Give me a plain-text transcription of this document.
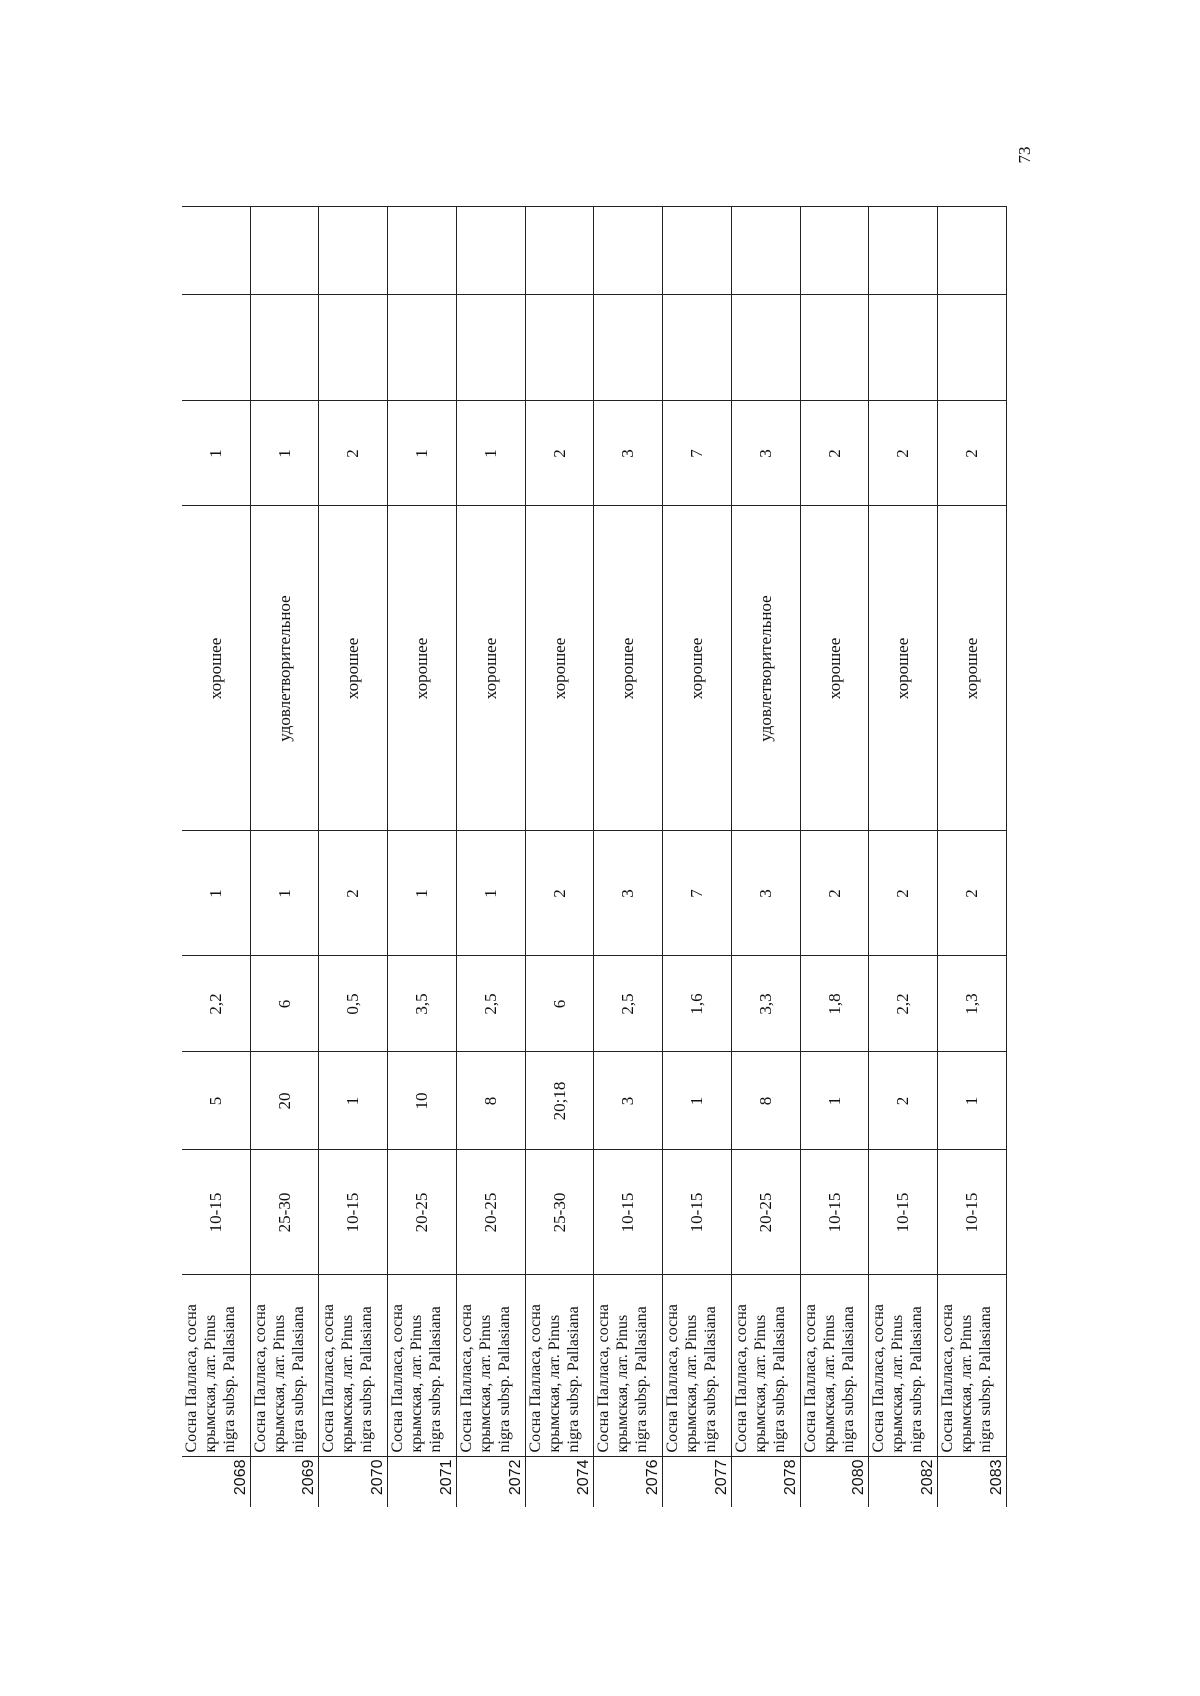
73
2068	Сосна Палласа, сосна крымская, лат. Pinus nigra subsp. Pallasiana	10-15	5	2,2	1	хорошее	1		
2069	Сосна Палласа, сосна крымская, лат. Pinus nigra subsp. Pallasiana	25-30	20	6	1	удовлетворительное	1		
2070	Сосна Палласа, сосна крымская, лат. Pinus nigra subsp. Pallasiana	10-15	1	0,5	2	хорошее	2		
2071	Сосна Палласа, сосна крымская, лат. Pinus nigra subsp. Pallasiana	20-25	10	3,5	1	хорошее	1		
2072	Сосна Палласа, сосна крымская, лат. Pinus nigra subsp. Pallasiana	20-25	8	2,5	1	хорошее	1		
2074	Сосна Палласа, сосна крымская, лат. Pinus nigra subsp. Pallasiana	25-30	20;18	6	2	хорошее	2		
2076	Сосна Палласа, сосна крымская, лат. Pinus nigra subsp. Pallasiana	10-15	3	2,5	3	хорошее	3		
2077	Сосна Палласа, сосна крымская, лат. Pinus nigra subsp. Pallasiana	10-15	1	1,6	7	хорошее	7		
2078	Сосна Палласа, сосна крымская, лат. Pinus nigra subsp. Pallasiana	20-25	8	3,3	3	удовлетворительное	3		
2080	Сосна Палласа, сосна крымская, лат. Pinus nigra subsp. Pallasiana	10-15	1	1,8	2	хорошее	2		
2082	Сосна Палласа, сосна крымская, лат. Pinus nigra subsp. Pallasiana	10-15	2	2,2	2	хорошее	2		
2083	Сосна Палласа, сосна крымская, лат. Pinus nigra subsp. Pallasiana	10-15	1	1,3	2	хорошее	2		
